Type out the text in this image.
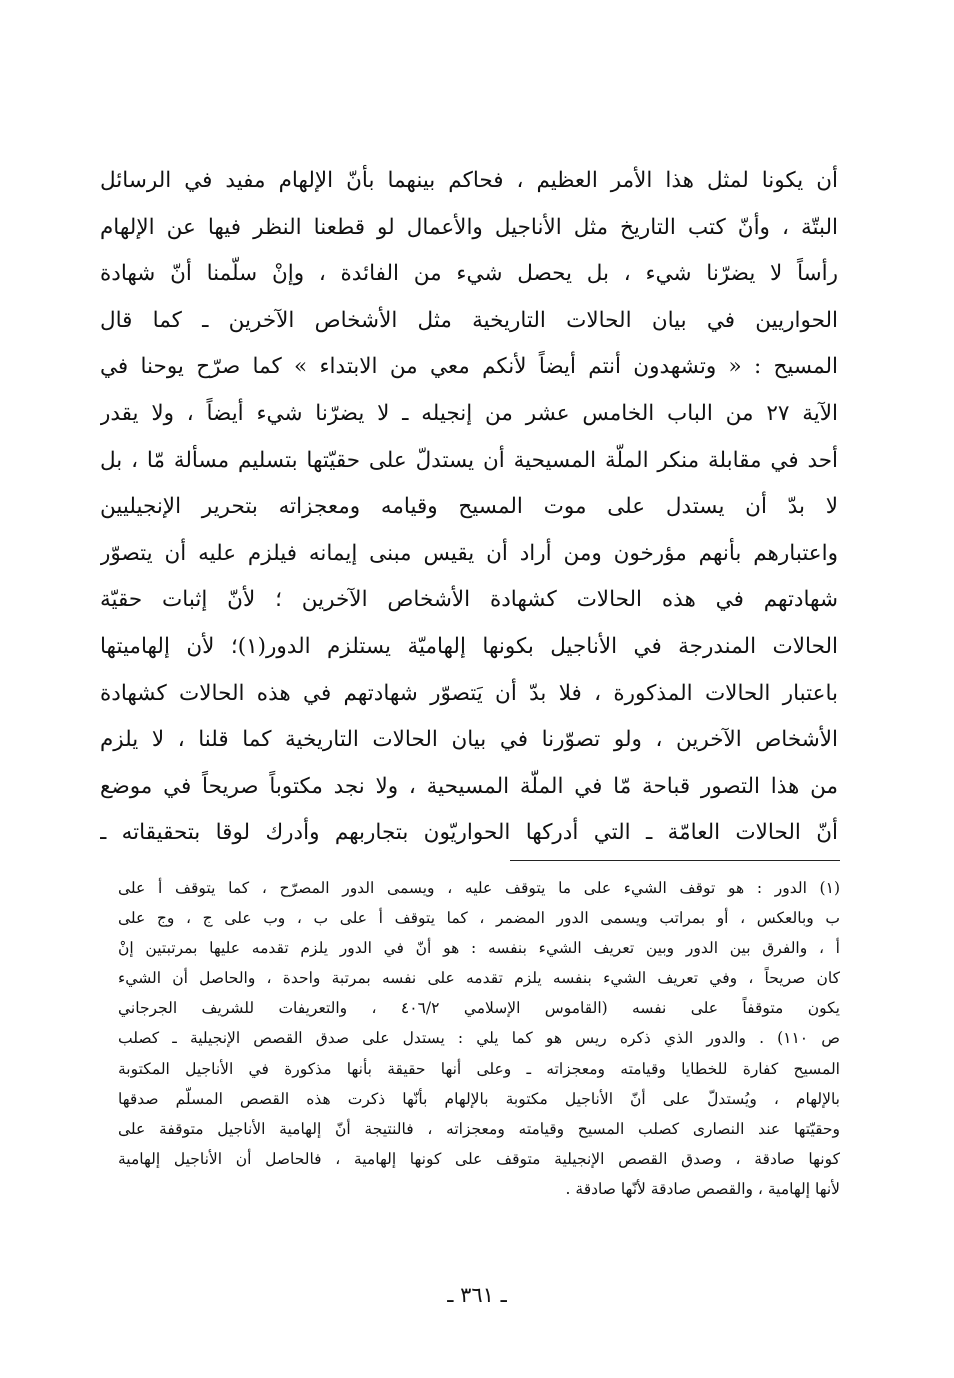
أن يكونا لمثل هذا الأمر العظيم ، فحاكم بينهما بأنّ الإلهام مفيد في الرسائل
البتّة ، وأنّ كتب التاريخ مثل الأناجيل والأعمال لو قطعنا النظر فيها عن الإلهام
رأساً لا يضرّنا شيء ، بل يحصل شيء من الفائدة ، وإنْ سلّمنا أنّ شهادة
الحواريين في بيان الحالات التاريخية مثل الأشخاص الآخرين ـ كما قال
المسيح : « وتشهدون أنتم أيضاً لأنكم معي من الابتداء » كما صرّح يوحنا في
الآية ٢٧ من الباب الخامس عشر من إنجيله ـ لا يضرّنا شيء أيضاً ، ولا يقدر
أحد في مقابلة منكر الملّة المسيحية أن يستدلّ على حقيّتها بتسليم مسألة مّا ، بل
لا بدّ أن يستدل على موت المسيح وقيامه ومعجزاته بتحرير الإنجيليين
واعتبارهم بأنهم مؤرخون ومن أراد أن يقيس مبنى إيمانه فيلزم عليه أن يتصوّر
شهادتهم في هذه الحالات كشهادة الأشخاص الآخرين ؛ لأنّ إثبات حقيّة
الحالات المندرجة في الأناجيل بكونها إلهاميّة يستلزم الدور(١)؛ لأن إلهاميتها
باعتبار الحالات المذكورة ، فلا بدّ أن يَتصوّر شهادتهم في هذه الحالات كشهادة
الأشخاص الآخرين ، ولو تصوّرنا في بيان الحالات التاريخية كما قلنا ، لا يلزم
من هذا التصور قباحة مّا في الملّة المسيحية ، ولا نجد مكتوباً صريحاً في موضع
أنّ الحالات العامّة ـ التي أدركها الحواريّون بتجاربهم وأدرك لوقا بتحقيقاته ـ
(١) الدور : هو توقف الشيء على ما يتوقف عليه ، ويسمى الدور المصرّح ، كما يتوقف أ على
ب وبالعكس ، أو بمراتب ويسمى الدور المضمر ، كما يتوقف أ على ب ، وب على ج ، وج على
أ ، والفرق بين الدور وبين تعريف الشيء بنفسه : هو أنّ في الدور يلزم تقدمه عليها بمرتبتين إنْ
كان صريحاً ، وفي تعريف الشيء بنفسه يلزم تقدمه على نفسه بمرتبة واحدة ، والحاصل أن الشيء
يكون متوقفاً على نفسه (القاموس الإسلامي ٤٠٦/٢ ، والتعريفات للشريف الجرجاني
ص ١١٠) . والدور الذي ذكره ريس هو كما يلي : يستدل على صدق القصص الإنجيلية ـ كصلب
المسيح كفارة للخطايا وقيامته ومعجزاته ـ وعلى أنها حقيقة بأنها مذكورة في الأناجيل المكتوبة
بالإلهام ، ويُستدلّ على أنّ الأناجيل مكتوبة بالإلهام بأنّها ذكرت هذه القصص المسلّم صدقها
وحقيّتها عند النصارى كصلب المسيح وقيامته ومعجزاته ، فالنتيجة أنّ إلهامية الأناجيل متوقفة على
كونها صادقة ، وصدق القصص الإنجيلية متوقف على كونها إلهامية ، فالحاصل أن الأناجيل إلهامية
لأنها إلهامية ، والقصص صادقة لأنّها صادقة .
ـ ٣٦١ ـ
